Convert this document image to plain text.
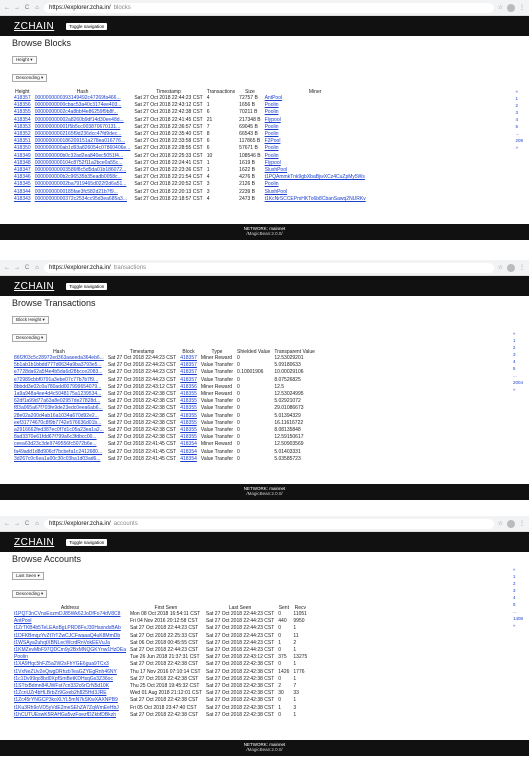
← → C ⌂ https://explorer.zcha.in/ blocks	☆	⋮
ZCHAIN	Toggle navigation
Browse Blocks
Height ▾
Descending ▾
Height	Hash	Timestamp	Transactions	Size	Miner
418357	0000000000393149492c47269fa466...	Sat 27 Oct 2018 22:44:23 CST	4	72757 B	AntPool
418356	00000000000cbac53a40c3174ee403...	Sat 27 Oct 2018 22:43:12 CST	1	1656 B	Poolin
418355	00000000002c4a8bbf4e86259f9b8f...	Sat 27 Oct 2018 22:42:38 CST	6	70211 B	Poolin
418354	000000000002a8260b9df14d30ee48d...	Sat 27 Oct 2018 22:41:45 CST	21	217348 B	Flypool
418353	000000000001f5b5cc003870670131...	Sat 27 Oct 2018 22:36:57 CST	7	69045 B	Poolin
418352	00000000002165f9d236dcc47fd9dec...	Sat 27 Oct 2018 22:35:40 CST	8	66543 B	Poolin
418351	0000000000186209151a278ea016776...	Sat 27 Oct 2018 22:33:58 CST	6	117865 B	F2Pool
418350	0000000000ab1d93a826054c07860406e...	Sat 27 Oct 2018 22:28:55 CST	6	57671 B	Poolin
418349	0000000000b0c32ad2ea840ec5051f4...	Sat 27 Oct 2018 22:25:33 CST	10	108546 B	Poolin
418348	0000000000104c8752f11a2bce0a55c...	Sat 27 Oct 2018 22:24:41 CST	1	1619 B	Flypool
418347	000000000003586f8c5d5da01b186072...	Sat 27 Oct 2018 22:23:36 CST	1	1622 B	SlushPool
418346	0000000000b2c96535b35eadb0058c...	Sat 27 Oct 2018 22:21:54 CST	4	4276 B	t1PQAmmkTnk9gbXbaBjwXCz4CuZpMy5Ws
418345	000000000002ba7919465d022f2d6a51...	Sat 27 Oct 2018 22:20:52 CST	3	2126 B	Poolin
418344	00000000000185fae3fc582d21b7f9...	Sat 27 Oct 2018 22:20:13 CST	3	2239 B	SlushPool
418343	00000000000372c2534cc95d3ea685a3...	Sat 27 Oct 2018 22:18:57 CST	4	2473 B	t1KcNrSCCEPmHKTo6b8CbanSawq2NURKv
«
1
2
3
4
5
...
209
»
NETWORK: mainnet
/MagicBean:2.0.0/
← → C ⌂ https://explorer.zcha.in/ transactions	☆	⋮
ZCHAIN	Toggle navigation
Browse Transactions
Block Height ▾
Descending ▾
Hash	Timestamp	Block	Type	Shielded Value	Transparent Value
86f2f03c5c28972ed363aaeeda364eb6...	Sat 27 Oct 2018 22:44:23 CST	418357	Miner Reward	0	12.53029201
5b1ab1b1bbdd777d0634a9ba3793e5...	Sat 27 Oct 2018 22:44:23 CST	418357	Value Transfer	0	5.09180633
e7728da62a5f4e4b5da6d28bcce2083...	Sat 27 Oct 2018 22:44:23 CST	418357	Value Transfer	0.10001906	10.00029106
e72989cbbf0791a3ebe07c77b7b7f9...	Sat 27 Oct 2018 22:44:23 CST	418357	Value Transfer	0	8.07526825
8bbdd3e02c0a780add007999654079...	Sat 27 Oct 2018 22:43:12 CST	418356	Miner Reward	0	12.5
1a9a948a4ee4d4c5048175a1239534...	Sat 27 Oct 2018 22:42:38 CST	418355	Miner Reward	0	12.53024995
62df1a99d77a63a8e02957de27828d...	Sat 27 Oct 2018 22:42:38 CST	418355	Value Transfer	0	5.02921072
f83a065a67f703fe9de23edc0eea6ab6...	Sat 27 Oct 2018 22:42:38 CST	418355	Value Transfer	0	29.01086673
28e02a200d4ab16a1034a670d92e2...	Sat 27 Oct 2018 22:42:38 CST	418355	Value Transfer	0	5.01394329
eef31774670c8f9b7742e576636d01b...	Sat 27 Oct 2018 22:42:38 CST	418355	Value Transfer	0	16.11616722
a2916662fed387ec0f7d1c05a23ea1a2...	Sat 27 Oct 2018 22:42:38 CST	418355	Value Transfer	0	8.08135848
8ad3370e61fdd67f799a6c3fdbcc00...	Sat 27 Oct 2018 22:42:38 CST	418355	Value Transfer	0	12.59150617
ceea63d23c3de9749556fc5072b6e...	Sat 27 Oct 2018 22:41:45 CST	418354	Miner Reward	0	12.50903569
fa49add1d8d906cf7bcbefa1c2412680...	Sat 27 Oct 2018 22:41:45 CST	418354	Value Transfer	0	5.01403331
3d267c0c6ea1a00c30c03ba1d03ad6...	Sat 27 Oct 2018 22:41:45 CST	418354	Value Transfer	0	5.03585723
«
1
2
3
4
5
...
2004
»
NETWORK: mainnet
/MagicBean:2.0.0/
← → C ⌂ https://explorer.zcha.in/ accounts	☆	⋮
ZCHAIN	Toggle navigation
Browse Accounts
Last Seen ▾
Descending ▾
Address	First Seen	Last Seen	Sent	Recv
t1PQT3nCVnsEozmDJ85Wk62JoDfFo74dV8C8	Mon 08 Oct 2018 16:54:11 CST	Sat 27 Oct 2018 22:44:23 CST	0	11051
AntPool	Fri 04 Nov 2016 20:12:58 CST	Sat 27 Oct 2018 22:44:23 CST	440	9950
t1ZrTKB4b5TeLEAoBgLPRD8FvJ30HasndxBAb	Sat 27 Oct 2018 22:44:23 CST	Sat 27 Oct 2018 22:44:23 CST	0	1
t1DFKBmqzYvZt7rTZwCJCFwaaaQ4uK8MmDb	Sat 27 Oct 2018 22:25:33 CST	Sat 27 Oct 2018 22:44:23 CST	0	11
t1WSAya2uhqtXBNLecWcrdRnVokEEVuJa	Sat 06 Oct 2018 00:45:55 CST	Sat 27 Oct 2018 22:44:23 CST	1	2
t1KMZevMbF97QDCm9y2BxMNQGKYnw1HzDEa	Sat 27 Oct 2018 22:44:23 CST	Sat 27 Oct 2018 22:44:23 CST	0	1
Poolin	Tue 26 Jun 2018 21:37:31 CST	Sat 27 Oct 2018 22:43:12 CST	375	13275
t1XA9Hqc5hFZ5a2W2sFhYGE6gua9TCx3	Sat 27 Oct 2018 22:42:38 CST	Sat 27 Oct 2018 22:42:38 CST	0	1
t1VxNeZUv2eQwgDRhzbTeaGZYEgRnh46NY	Thu 17 Nov 2016 07:10:14 CST	Sat 27 Oct 2018 22:42:38 CST	1426	1776
t1c1Dv99qc8bd0XpfSmBetKDHsqGs3Z36oc	Sat 27 Oct 2018 22:42:38 CST	Sat 27 Oct 2018 22:42:38 CST	0	1
t1STtxBdmn84UWFst7cn332c6rCrN5d10K	Thu 25 Oct 2018 19:45:32 CST	Sat 27 Oct 2018 22:42:38 CST	2	7
t1ZcnUZr4bHLBrbZr9Gxeb2h825Hd3JRE	Wed 01 Aug 2018 21:12:01 CST	Sat 27 Oct 2018 22:42:38 CST	30	33
t1Zc45rYNGCP3koXLYL5mN7kSKwXAXNPB9	Sat 27 Oct 2018 22:42:38 CST	Sat 27 Oct 2018 22:42:38 CST	0	1
t1Ku3Rh9oVD5yVdE2meSEhZA7ZqWmEeHbJ	Fri 05 Oct 2018 23:47:40 CST	Sat 27 Oct 2018 22:42:38 CST	1	3
t1hCUTUEswK5RAHGa5vzFoezfDZkbfDBkzh	Sat 27 Oct 2018 22:42:38 CST	Sat 27 Oct 2018 22:42:38 CST	0	1
«
1
2
3
4
5
...
1408
»
NETWORK: mainnet
/MagicBean:2.0.0/
